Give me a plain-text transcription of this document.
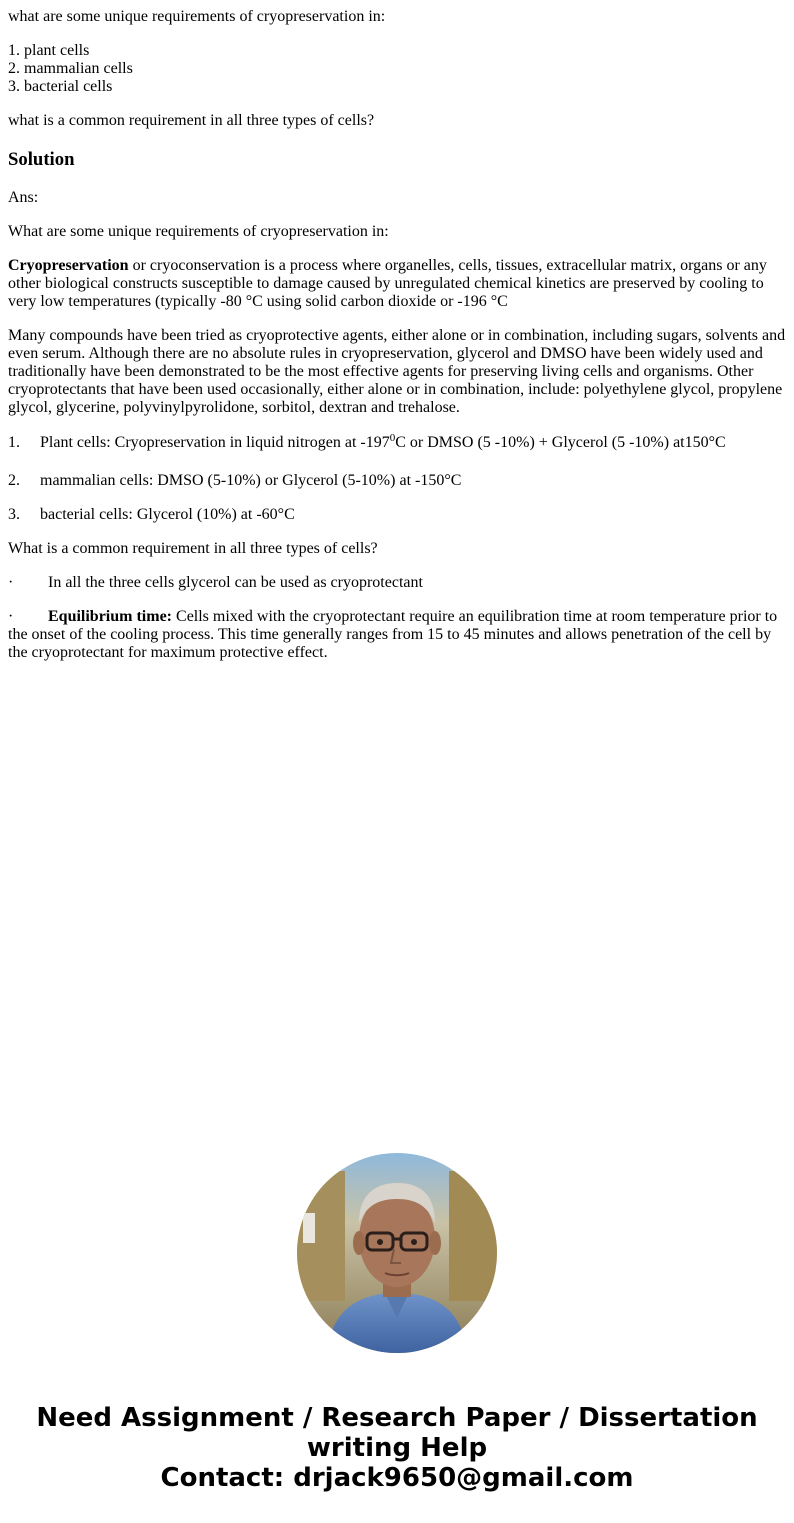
what are some unique requirements of cryopreservation in:

1. plant cells
2. mammalian cells
3. bacterial cells

what is a common requirement in all three types of cells?

Solution

Ans:

What are some unique requirements of cryopreservation in:

Cryopreservation or cryoconservation is a process where organelles, cells, tissues, extracellular matrix, organs or any other biological constructs susceptible to damage caused by unregulated chemical kinetics are preserved by cooling to very low temperatures (typically -80 °C using solid carbon dioxide or -196 °C

Many compounds have been tried as cryoprotective agents, either alone or in combination, including sugars, solvents and even serum. Although there are no absolute rules in cryopreservation, glycerol and DMSO have been widely used and traditionally have been demonstrated to be the most effective agents for preserving living cells and organisms. Other cryoprotectants that have been used occasionally, either alone or in combination, include: polyethylene glycol, propylene glycol, glycerine, polyvinylpyrolidone, sorbitol, dextran and trehalose.

1. Plant cells: Cryopreservation in liquid nitrogen at $-197^0C$ or DMSO (5 -10%) + Glycerol (5 -10%) at150°C

2. mammalian cells: DMSO (5-10%) or Glycerol (5-10%) at -150°C

3. bacterial cells: Glycerol (10%) at -60°C

What is a common requirement in all three types of cells?

· In all the three cells glycerol can be used as cryoprotectant

· Equilibrium time: Cells mixed with the cryoprotectant require an equilibration time at room temperature prior to the onset of the cooling process. This time generally ranges from 15 to 45 minutes and allows penetration of the cell by the cryoprotectant for maximum protective effect.

Need Assignment / Research Paper / Dissertation
writing Help
Contact: drjack9650@gmail.com
